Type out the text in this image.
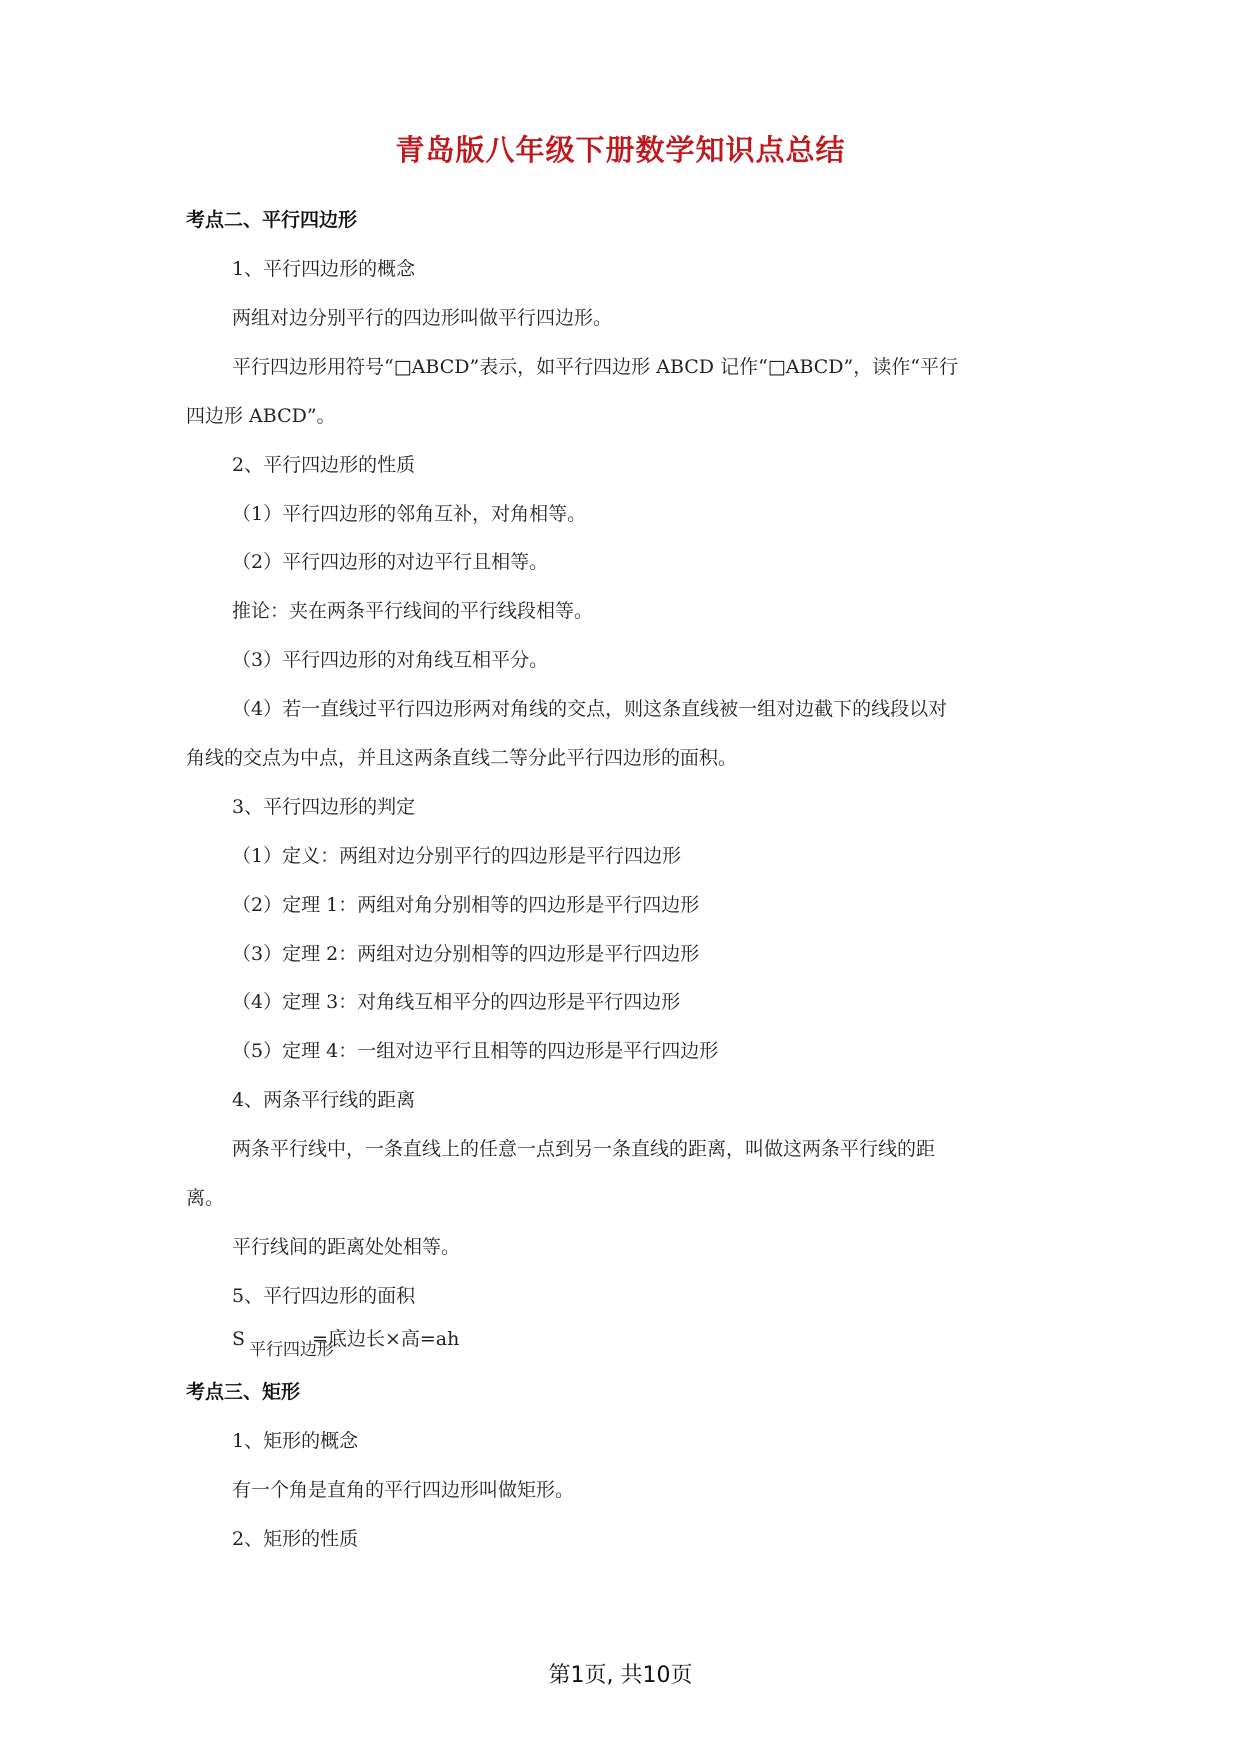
青岛版八年级下册数学知识点总结
考点二、平行四边形
1、平行四边形的概念
两组对边分别平行的四边形叫做平行四边形。
平行四边形用符号“□ABCD”表示，如平行四边形 ABCD 记作“□ABCD”，读作“平行
四边形 ABCD”。
2、平行四边形的性质
（1）平行四边形的邻角互补，对角相等。
（2）平行四边形的对边平行且相等。
推论：夹在两条平行线间的平行线段相等。
（3）平行四边形的对角线互相平分。
（4）若一直线过平行四边形两对角线的交点，则这条直线被一组对边截下的线段以对
角线的交点为中点，并且这两条直线二等分此平行四边形的面积。
3、平行四边形的判定
（1）定义：两组对边分别平行的四边形是平行四边形
（2）定理 1：两组对角分别相等的四边形是平行四边形
（3）定理 2：两组对边分别相等的四边形是平行四边形
（4）定理 3：对角线互相平分的四边形是平行四边形
（5）定理 4：一组对边平行且相等的四边形是平行四边形
4、两条平行线的距离
两条平行线中，一条直线上的任意一点到另一条直线的距离，叫做这两条平行线的距
离。
平行线间的距离处处相等。
5、平行四边形的面积
S 平行四边形=底边长×高=ah
考点三、矩形
1、矩形的概念
有一个角是直角的平行四边形叫做矩形。
2、矩形的性质
第1页, 共10页
